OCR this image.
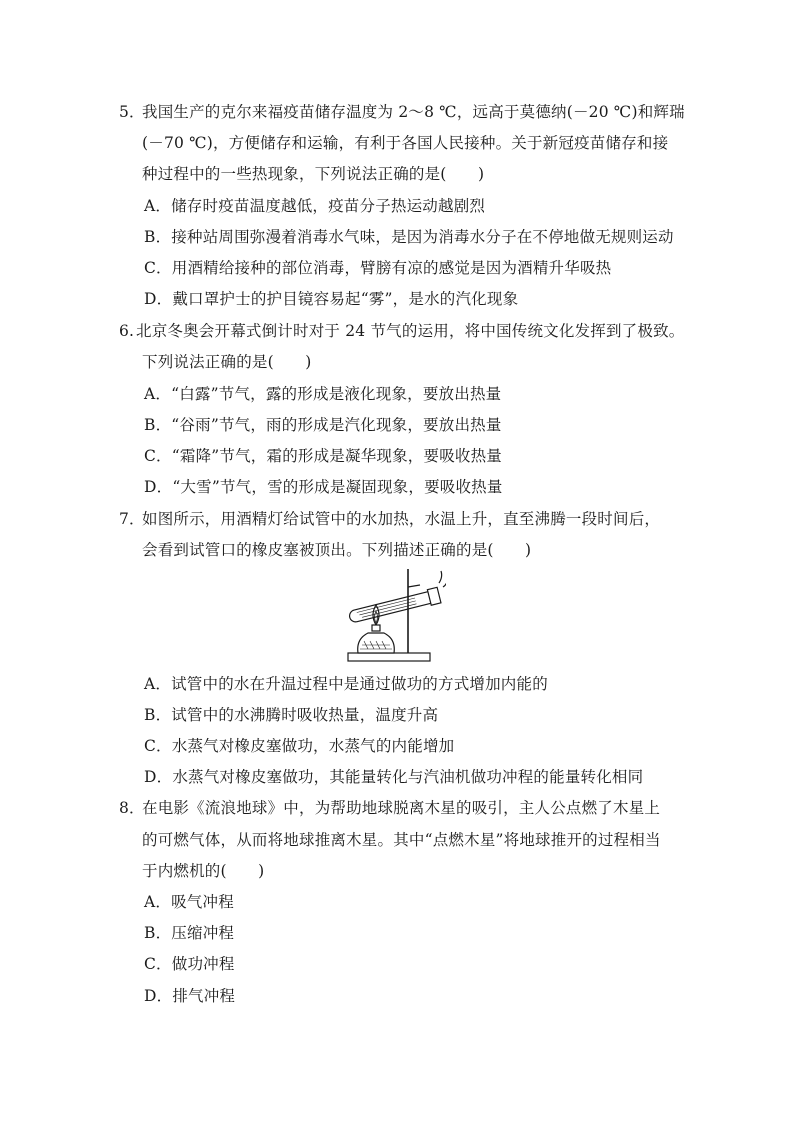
5．
我国生产的克尔来福疫苗储存温度为 2～8 ℃，远高于莫德纳(－20 ℃)和辉瑞
(－70 ℃)，方便储存和运输，有利于各国人民接种。关于新冠疫苗储存和接
种过程中的一些热现象，下列说法正确的是(　　)
A．储存时疫苗温度越低，疫苗分子热运动越剧烈
B．接种站周围弥漫着消毒水气味，是因为消毒水分子在不停地做无规则运动
C．用酒精给接种的部位消毒，臂膀有凉的感觉是因为酒精升华吸热
D．戴口罩护士的护目镜容易起“雾”，是水的汽化现象
6. 北京冬奥会开幕式倒计时对于 24 节气的运用，将中国传统文化发挥到了极致。
下列说法正确的是(　　)
A．“白露”节气，露的形成是液化现象，要放出热量
B．“谷雨”节气，雨的形成是汽化现象，要放出热量
C．“霜降”节气，霜的形成是凝华现象，要吸收热量
D．“大雪”节气，雪的形成是凝固现象，要吸收热量
7．
如图所示，用酒精灯给试管中的水加热，水温上升，直至沸腾一段时间后，
会看到试管口的橡皮塞被顶出。下列描述正确的是(　　)
A．试管中的水在升温过程中是通过做功的方式增加内能的
B．试管中的水沸腾时吸收热量，温度升高
C．水蒸气对橡皮塞做功，水蒸气的内能增加
D．水蒸气对橡皮塞做功，其能量转化与汽油机做功冲程的能量转化相同
8．
在电影《流浪地球》中，为帮助地球脱离木星的吸引，主人公点燃了木星上
的可燃气体，从而将地球推离木星。其中“点燃木星”将地球推开的过程相当
于内燃机的(　　)
A．吸气冲程
B．压缩冲程
C．做功冲程
D．排气冲程
